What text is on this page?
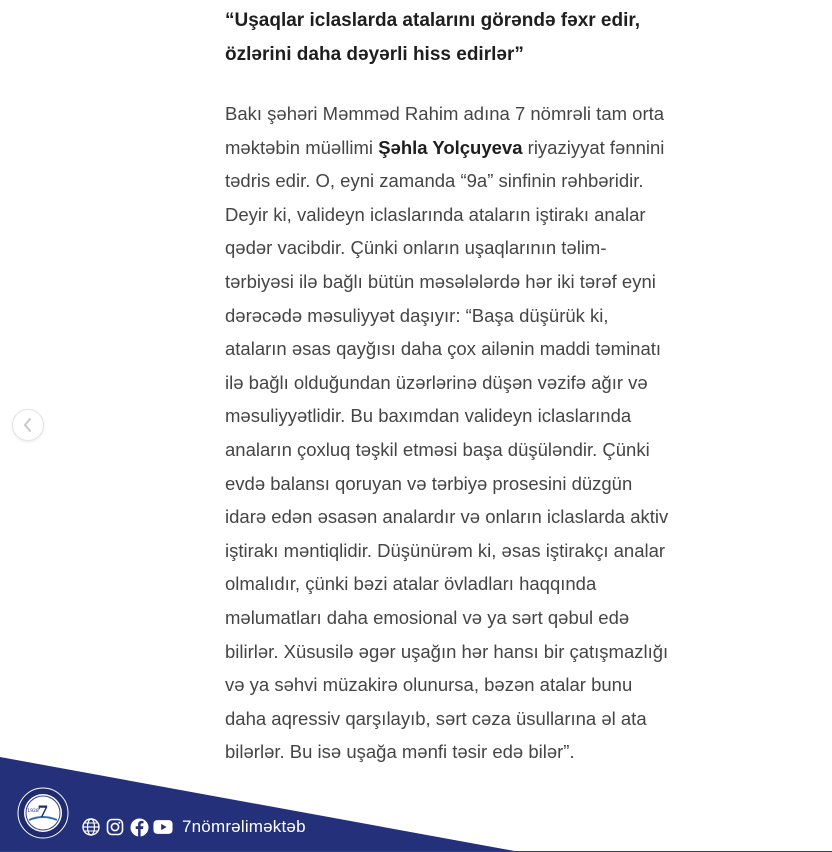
“Uşaqlar iclaslarda atalarını görəndə fəxr edir, özlərini daha dəyərli hiss edirlər”

Bakı şəhəri Məmməd Rahim adına 7 nömrəli tam orta məktəbin müəllimi Şəhla Yolçuyeva riyaziyyat fənnini tədris edir. O, eyni zamanda “9a” sinfinin rəhbəridir. Deyir ki, valideyn iclaslarında ataların iştirakı analar qədər vacibdir. Çünki onların uşaqlarının təlim-tərbiyəsi ilə bağlı bütün məsələlərdə hər iki tərəf eyni dərəcədə məsuliyyət daşıyır: “Başa düşürük ki, ataların əsas qayğısı daha çox ailənin maddi təminatı ilə bağlı olduğundan üzərlərinə düşən vəzifə ağır və məsuliyyətlidir. Bu baxımdan valideyn iclaslarında anaların çoxluq təşkil etməsi başa düşüləndir. Çünki evdə balansı qoruyan və tərbiyə prosesini düzgün idarə edən əsasən analardır və onların iclaslarda aktiv iştirakı məntiqlidir. Düşünürəm ki, əsas iştirakçı analar olmalıdır, çünki bəzi atalar övladları haqqında məlumatları daha emosional və ya sərt qəbul edə bilirlər. Xüsusilə əgər uşağın hər hansı bir çatışmazlığı və ya səhvi müzakirə olunursa, bəzən atalar bunu daha aqressiv qarşılayıb, sərt cəza üsullarına əl ata bilərlər. Bu isə uşağa mənfi təsir edə bilər”.

7
1928
7nömrəlimәktәb
